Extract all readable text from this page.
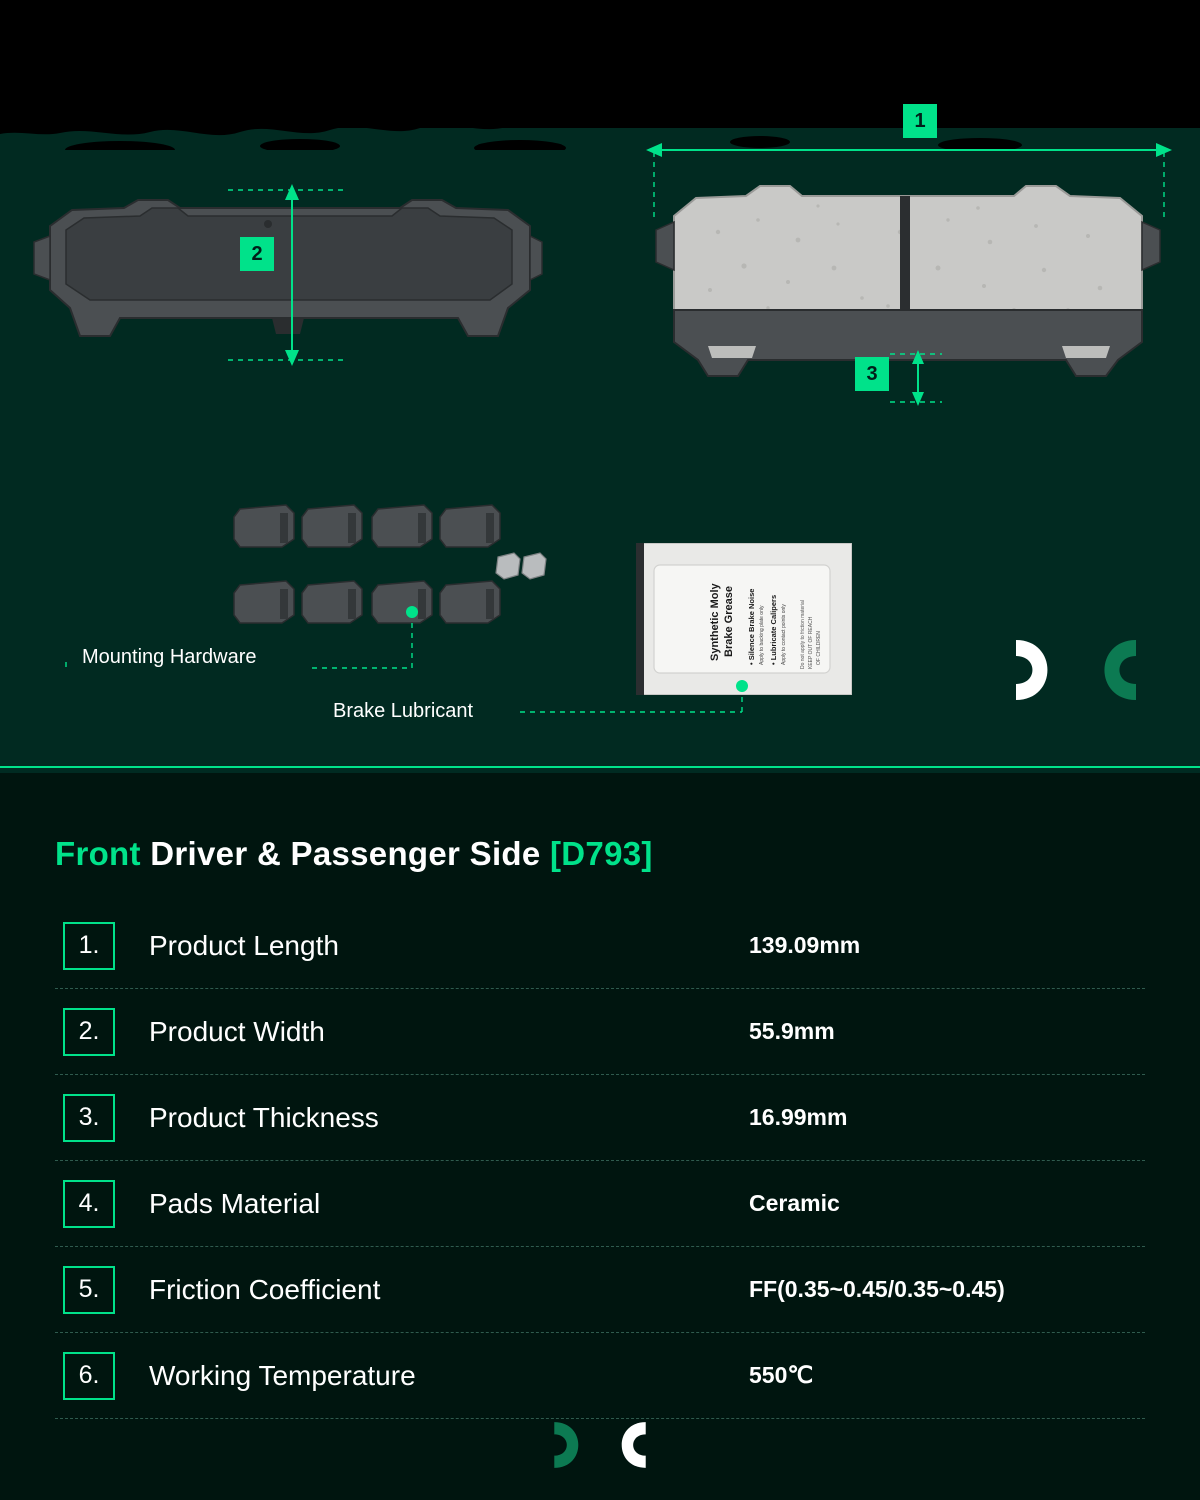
2
1
3
Mounting Hardware	Synthetic Moly Brake Grease • Silence Brake Noise Apply to backing plate only • Lubricate Calipers Apply to contact points only	Do not apply to friction material KEEP OUT OF REACH OF CHILDREN
Brake Lubricant
Front Driver & Passenger Side [D793]
1.	Product Length	139.09mm
2.	Product Width	55.9mm
3.	Product Thickness	16.99mm
4.	Pads Material	Ceramic
5.	Friction Coefficient	FF(0.35~0.45/0.35~0.45)
6.	Working Temperature	550℃
